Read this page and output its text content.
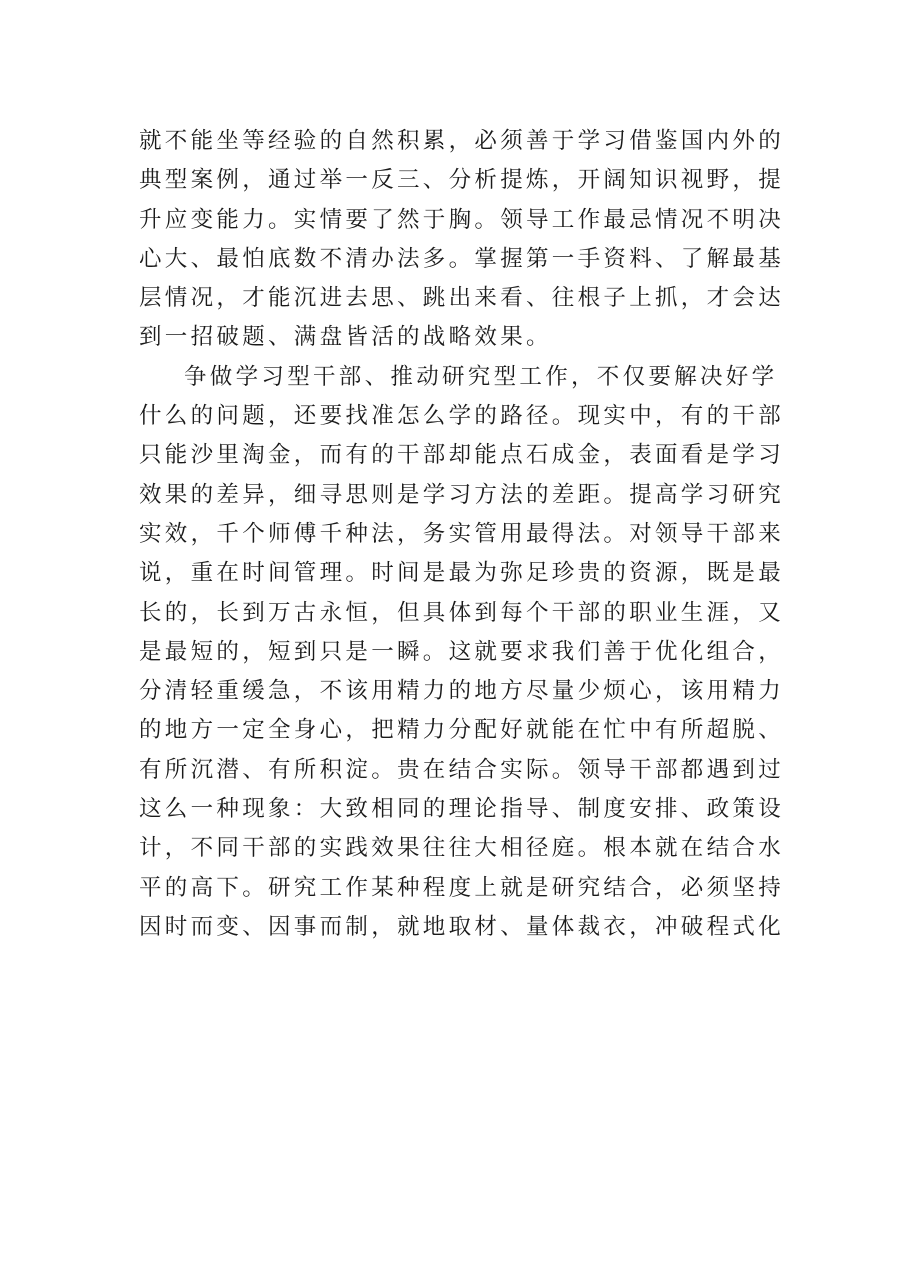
就不能坐等经验的自然积累，必须善于学习借鉴国内外的
典型案例，通过举一反三、分析提炼，开阔知识视野，提
升应变能力。实情要了然于胸。领导工作最忌情况不明决
心大、最怕底数不清办法多。掌握第一手资料、了解最基
层情况，才能沉进去思、跳出来看、往根子上抓，才会达
到一招破题、满盘皆活的战略效果。
争做学习型干部、推动研究型工作，不仅要解决好学
什么的问题，还要找准怎么学的路径。现实中，有的干部
只能沙里淘金，而有的干部却能点石成金，表面看是学习
效果的差异，细寻思则是学习方法的差距。提高学习研究
实效，千个师傅千种法，务实管用最得法。对领导干部来
说，重在时间管理。时间是最为弥足珍贵的资源，既是最
长的，长到万古永恒，但具体到每个干部的职业生涯，又
是最短的，短到只是一瞬。这就要求我们善于优化组合，
分清轻重缓急，不该用精力的地方尽量少烦心，该用精力
的地方一定全身心，把精力分配好就能在忙中有所超脱、
有所沉潜、有所积淀。贵在结合实际。领导干部都遇到过
这么一种现象：大致相同的理论指导、制度安排、政策设
计，不同干部的实践效果往往大相径庭。根本就在结合水
平的高下。研究工作某种程度上就是研究结合，必须坚持
因时而变、因事而制，就地取材、量体裁衣，冲破程式化
